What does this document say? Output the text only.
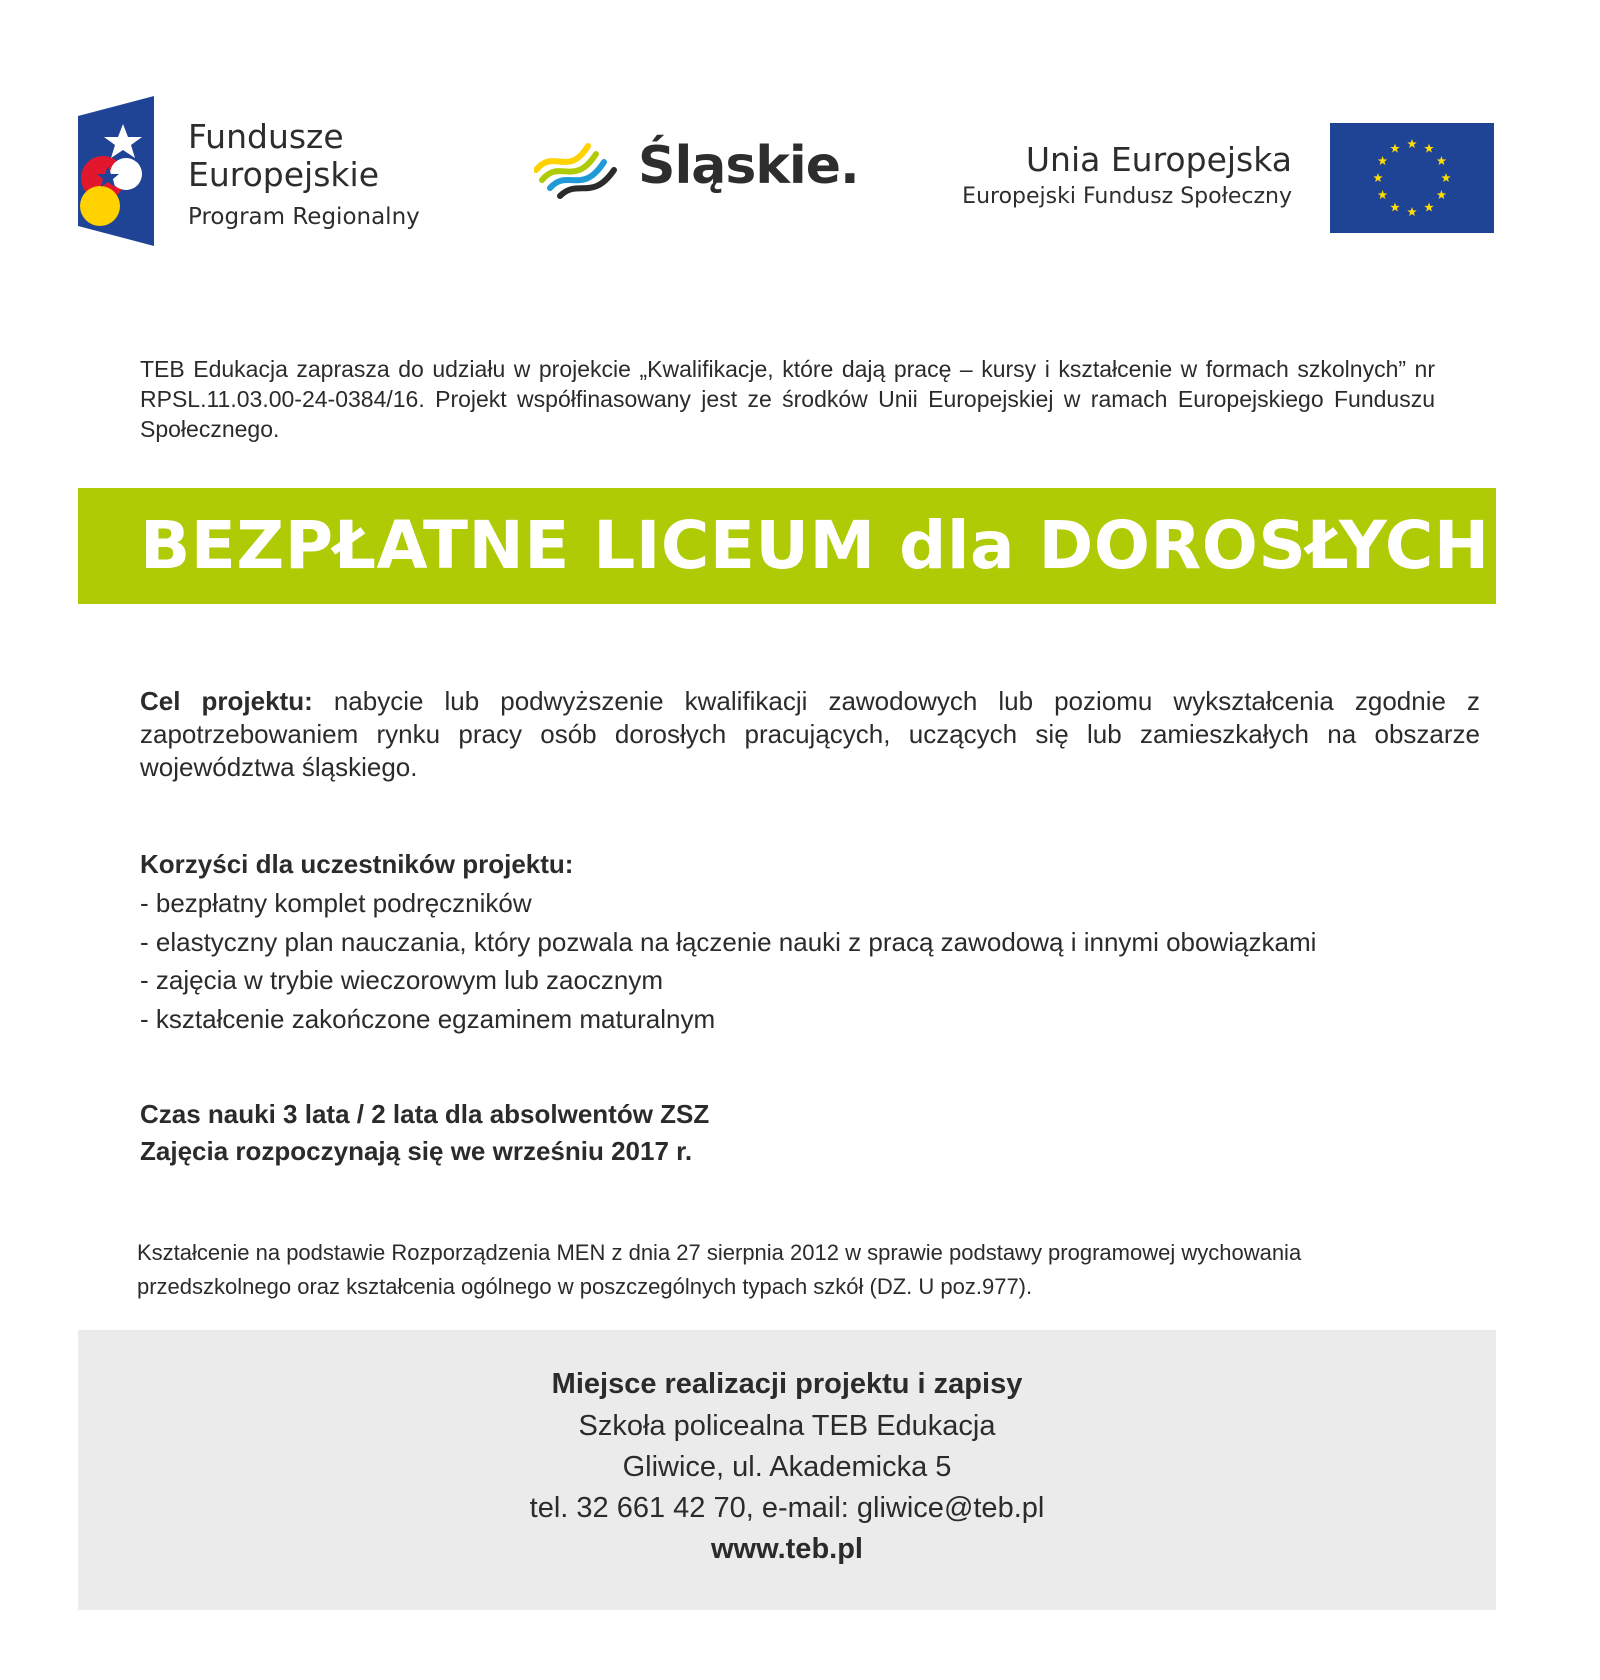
Fundusze
Europejskie
Program Regionalny
Śląskie.	Unia Europejska
Europejski Fundusz Społeczny
TEB Edukacja zaprasza do udziału w projekcie „Kwalifikacje, które dają pracę – kursy i kształcenie w formach szkolnych” nr RPSL.11.03.00-24-0384/16. Projekt współfinasowany jest ze środków Unii Europejskiej w ramach Europejskiego Funduszu Społecznego.
BEZPŁATNE LICEUM dla DOROSŁYCH
Cel projektu: nabycie lub podwyższenie kwalifikacji zawodowych lub poziomu wykształcenia zgodnie z zapotrzebowaniem rynku pracy osób dorosłych pracujących, uczących się lub zamieszkałych na obszarze województwa śląskiego.
Korzyści dla uczestników projektu:
- bezpłatny komplet podręczników
- elastyczny plan nauczania, który pozwala na łączenie nauki z pracą zawodową i innymi obowiązkami
- zajęcia w trybie wieczorowym lub zaocznym
- kształcenie zakończone egzaminem maturalnym
Czas nauki 3 lata / 2 lata dla absolwentów ZSZ
Zajęcia rozpoczynają się we wrześniu 2017 r.
Kształcenie na podstawie Rozporządzenia MEN z dnia 27 sierpnia 2012 w sprawie podstawy programowej wychowania
przedszkolnego oraz kształcenia ogólnego w poszczególnych typach szkół (DZ. U poz.977).
Miejsce realizacji projektu i zapisy
Szkoła policealna TEB Edukacja
Gliwice, ul. Akademicka 5
tel. 32 661 42 70, e-mail: gliwice@teb.pl
www.teb.pl
